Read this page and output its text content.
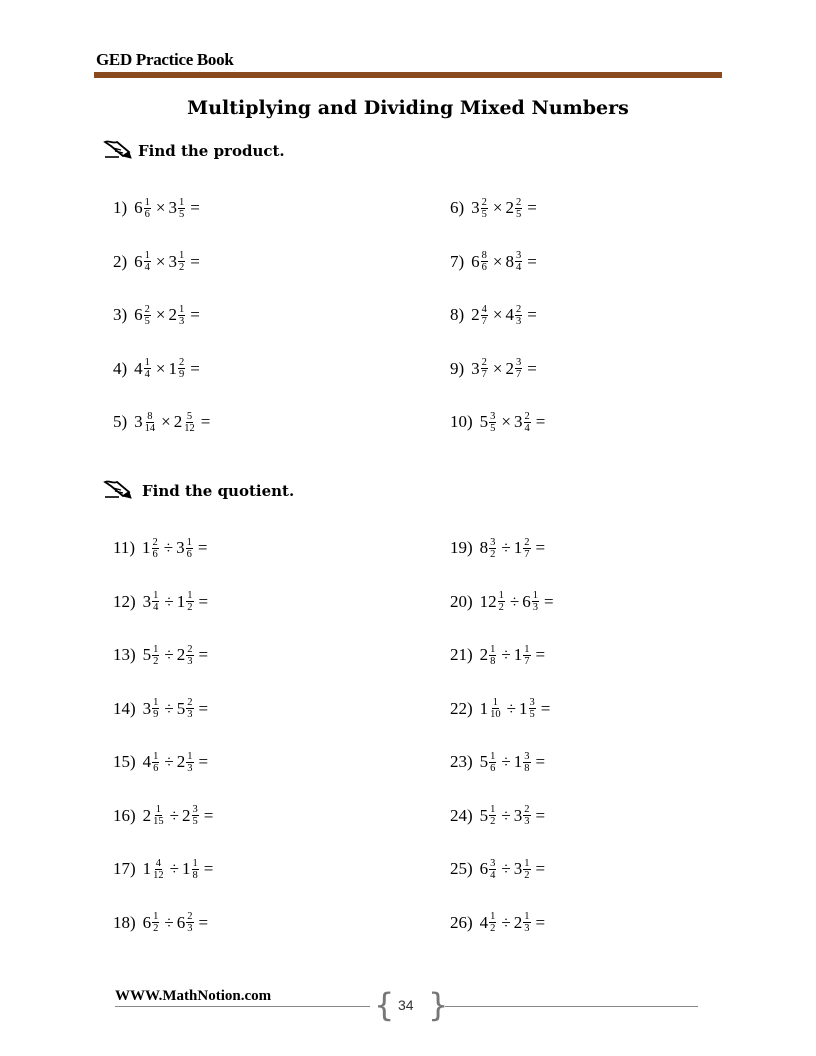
GED Practice Book
Multiplying and Dividing Mixed Numbers
Find the product.
Find the quotient.
1) $6 \frac{1}{6} \times 3 \frac{1}{5}$ =
2) $6 \frac{1}{4} \times 3 \frac{1}{2}$ =
3) $6 \frac{2}{5} \times 2 \frac{1}{3}$ =
4) $4 \frac{1}{4} \times 1 \frac{2}{9}$ =
5) $3 \frac{8}{14} \times 2 \frac{5}{12}$ =
6) $3 \frac{2}{5} \times 2 \frac{2}{5}$ =
7) $6 \frac{8}{6} \times 8 \frac{3}{4}$ =
8) $2 \frac{4}{7} \times 4 \frac{2}{3}$ =
9) $3 \frac{2}{7} \times 2 \frac{3}{7}$ =
10) $5 \frac{3}{5} \times 3 \frac{2}{4}$ =
11) $1 \frac{2}{6} \div 3 \frac{1}{6}$ =
12) $3 \frac{1}{4} \div 1 \frac{1}{2}$ =
13) $5 \frac{1}{2} \div 2 \frac{2}{3}$ =
14) $3 \frac{1}{9} \div 5 \frac{2}{3}$ =
15) $4 \frac{1}{6} \div 2 \frac{1}{3}$ =
16) $2 \frac{1}{15} \div 2 \frac{3}{5}$ =
17) $1 \frac{4}{12} \div 1 \frac{1}{8}$ =
18) $6 \frac{1}{2} \div 6 \frac{2}{3}$ =
19) $8 \frac{3}{2} \div 1 \frac{2}{7}$ =
20) $12 \frac{1}{2} \div 6 \frac{1}{3}$ =
21) $2 \frac{1}{8} \div 1 \frac{1}{7}$ =
22) $1 \frac{1}{10} \div 1 \frac{3}{5}$ =
23) $5 \frac{1}{6} \div 1 \frac{3}{8}$ =
24) $5 \frac{1}{2} \div 3 \frac{2}{3}$ =
25) $6 \frac{3}{4} \div 3 \frac{1}{2}$ =
26) $4 \frac{1}{2} \div 2 \frac{1}{3}$ =
WWW.MathNotion.com	{ 34 }
